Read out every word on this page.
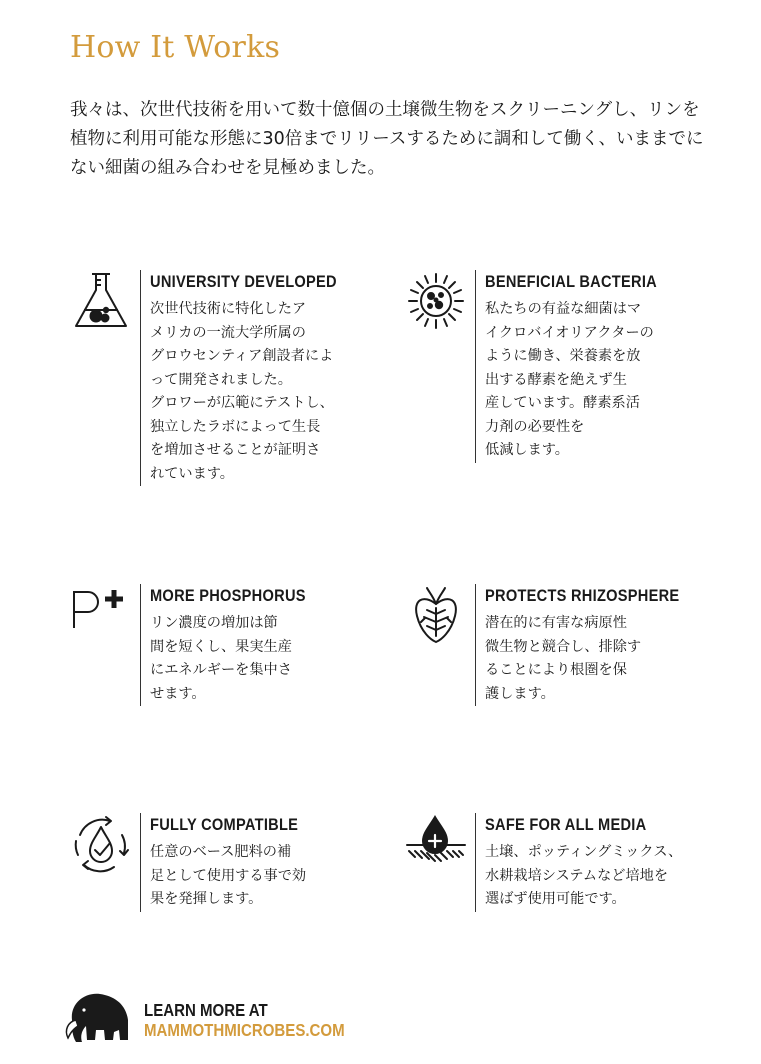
How It Works

我々は、次世代技術を用いて数十億個の土壌微生物をスクリーニングし、リンを植物に利用可能な形態に30倍までリリースするために調和して働く、いままでにない細菌の組み合わせを見極めました。

UNIVERSITY DEVELOPED

次世代技術に特化したア
メリカの一流大学所属の
グロウセンティア創設者によ
って開発されました。
グロワーが広範にテストし、
独立したラボによって生長
を増加させることが証明さ
れています。

BENEFICIAL BACTERIA

私たちの有益な細菌はマ
イクロバイオリアクターの
ように働き、栄養素を放
出する酵素を絶えず生
産しています。酵素系活
力剤の必要性を
低減します。

MORE PHOSPHORUS

リン濃度の増加は節
間を短くし、果実生産
にエネルギーを集中さ
せます。

PROTECTS RHIZOSPHERE

潜在的に有害な病原性
微生物と競合し、排除す
ることにより根圏を保
護します。

FULLY COMPATIBLE

任意のベース肥料の補
足として使用する事で効
果を発揮します。

SAFE FOR ALL MEDIA

土壌、ポッティングミックス、
水耕栽培システムなど培地を
選ばず使用可能です。

LEARN MORE AT
MAMMOTHMICROBES.COM
